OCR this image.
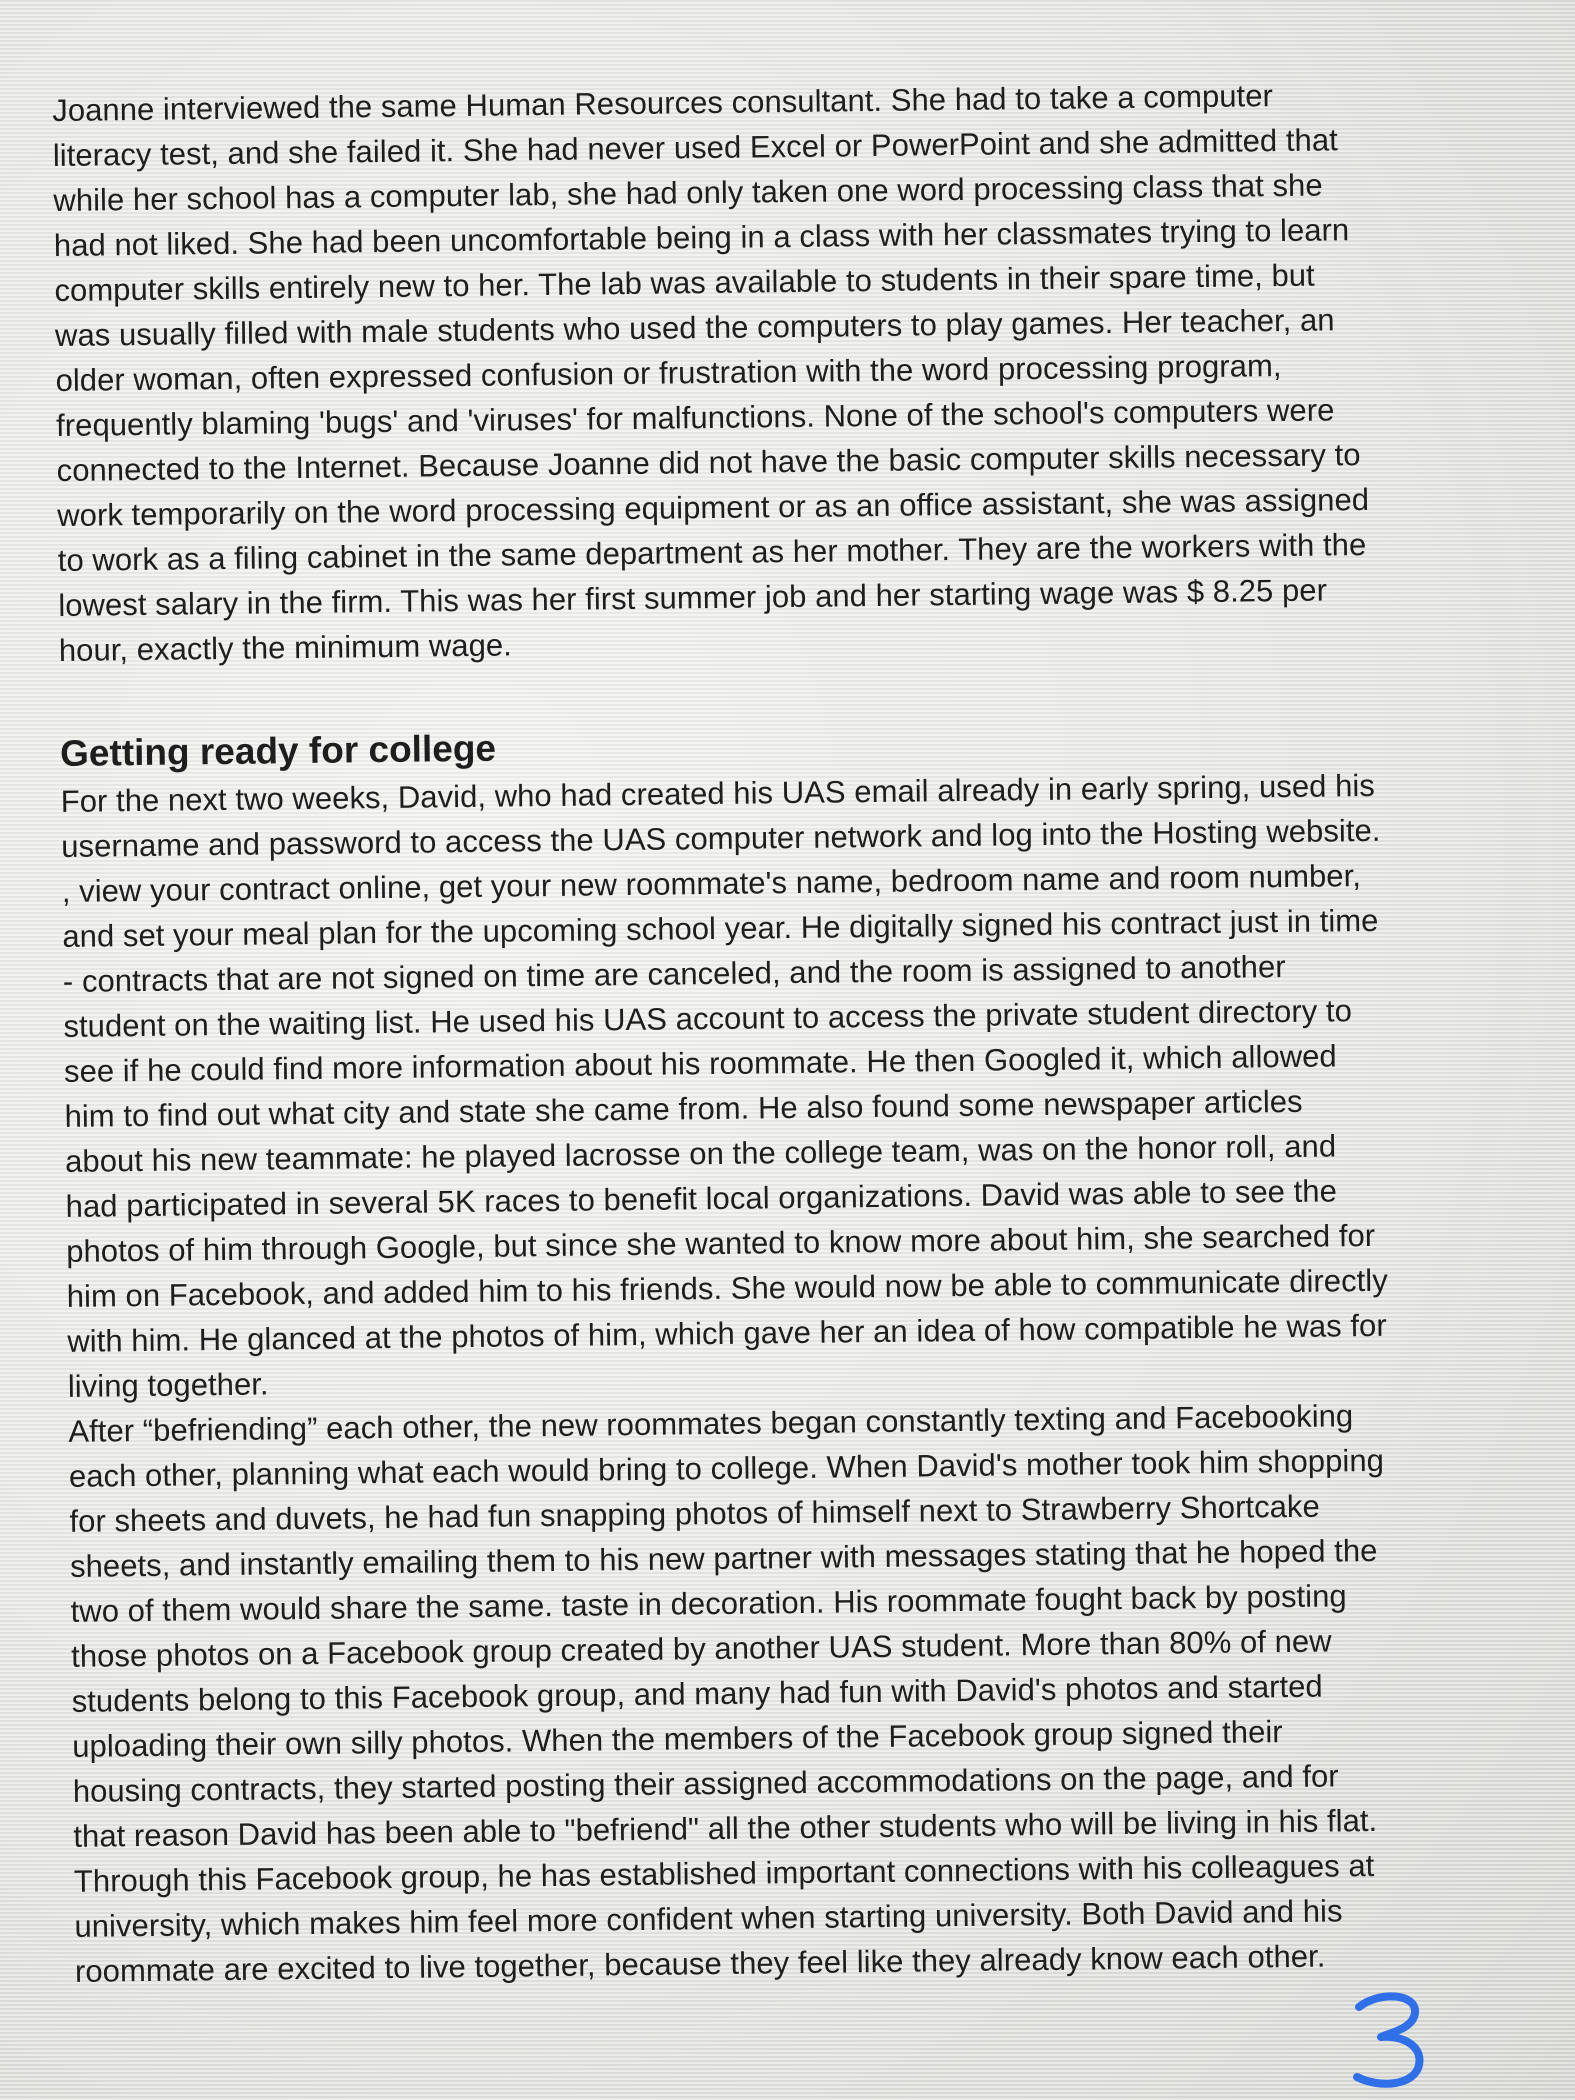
Joanne interviewed the same Human Resources consultant. She had to take a computer
literacy test, and she failed it. She had never used Excel or PowerPoint and she admitted that
while her school has a computer lab, she had only taken one word processing class that she
had not liked. She had been uncomfortable being in a class with her classmates trying to learn
computer skills entirely new to her. The lab was available to students in their spare time, but
was usually filled with male students who used the computers to play games. Her teacher, an
older woman, often expressed confusion or frustration with the word processing program,
frequently blaming 'bugs' and 'viruses' for malfunctions. None of the school's computers were
connected to the Internet. Because Joanne did not have the basic computer skills necessary to
work temporarily on the word processing equipment or as an office assistant, she was assigned
to work as a filing cabinet in the same department as her mother. They are the workers with the
lowest salary in the firm. This was her first summer job and her starting wage was $ 8.25 per
hour, exactly the minimum wage.

Getting ready for college

For the next two weeks, David, who had created his UAS email already in early spring, used his
username and password to access the UAS computer network and log into the Hosting website.
, view your contract online, get your new roommate's name, bedroom name and room number,
and set your meal plan for the upcoming school year. He digitally signed his contract just in time
- contracts that are not signed on time are canceled, and the room is assigned to another
student on the waiting list. He used his UAS account to access the private student directory to
see if he could find more information about his roommate. He then Googled it, which allowed
him to find out what city and state she came from. He also found some newspaper articles
about his new teammate: he played lacrosse on the college team, was on the honor roll, and
had participated in several 5K races to benefit local organizations. David was able to see the
photos of him through Google, but since she wanted to know more about him, she searched for
him on Facebook, and added him to his friends. She would now be able to communicate directly
with him. He glanced at the photos of him, which gave her an idea of how compatible he was for
living together.

After “befriending” each other, the new roommates began constantly texting and Facebooking
each other, planning what each would bring to college. When David's mother took him shopping
for sheets and duvets, he had fun snapping photos of himself next to Strawberry Shortcake
sheets, and instantly emailing them to his new partner with messages stating that he hoped the
two of them would share the same. taste in decoration. His roommate fought back by posting
those photos on a Facebook group created by another UAS student. More than 80% of new
students belong to this Facebook group, and many had fun with David's photos and started
uploading their own silly photos. When the members of the Facebook group signed their
housing contracts, they started posting their assigned accommodations on the page, and for
that reason David has been able to "befriend" all the other students who will be living in his flat.
Through this Facebook group, he has established important connections with his colleagues at
university, which makes him feel more confident when starting university. Both David and his
roommate are excited to live together, because they feel like they already know each other.
